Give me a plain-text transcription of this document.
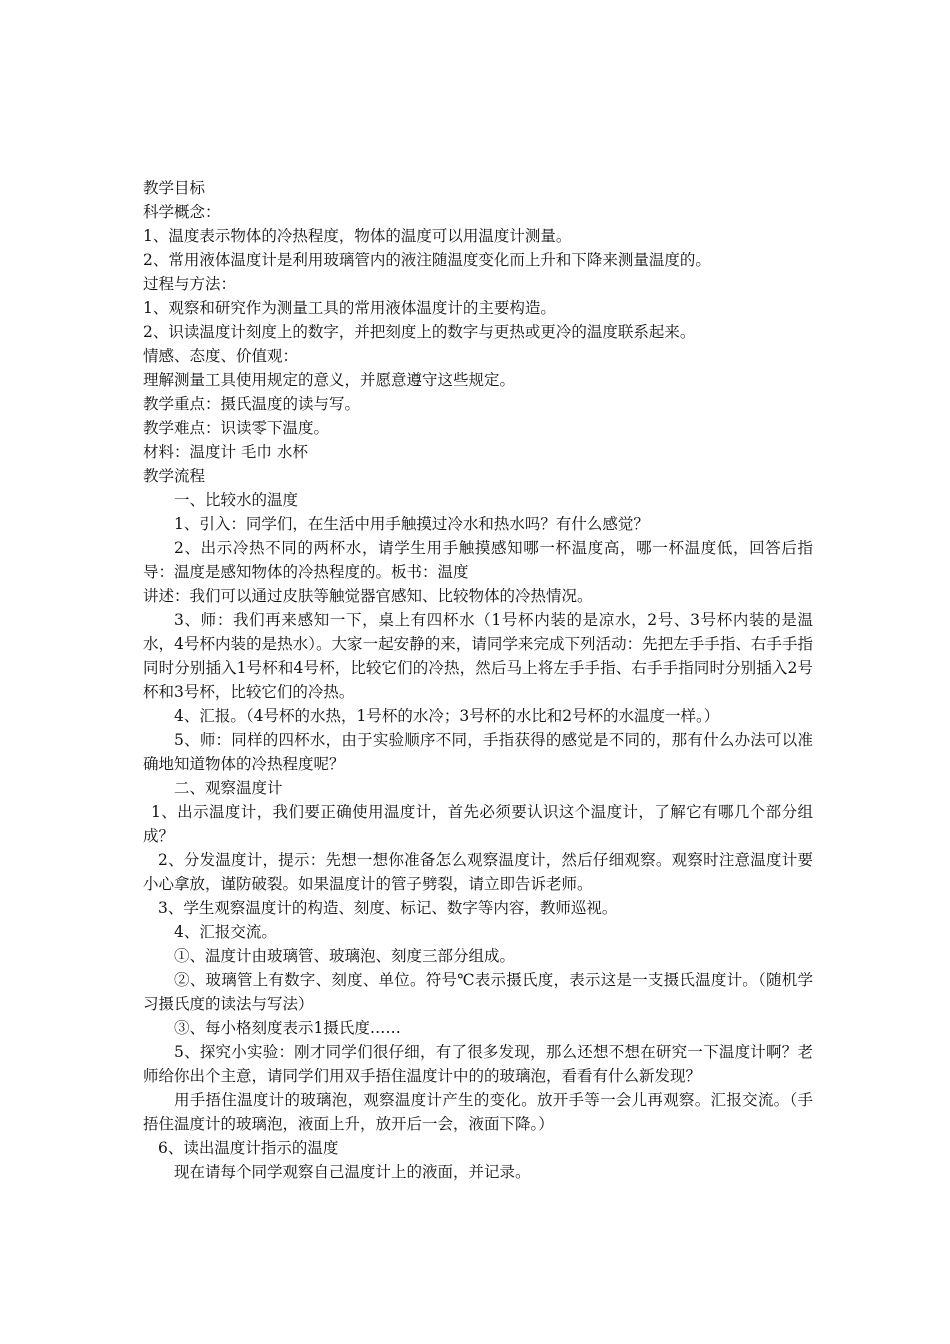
教学目标

科学概念：

1、温度表示物体的冷热程度，物体的温度可以用温度计测量。

2、常用液体温度计是利用玻璃管内的液注随温度变化而上升和下降来测量温度的。

过程与方法：

1、观察和研究作为测量工具的常用液体温度计的主要构造。

2、识读温度计刻度上的数字，并把刻度上的数字与更热或更冷的温度联系起来。

情感、态度、价值观：

理解测量工具使用规定的意义，并愿意遵守这些规定。

教学重点：摄氏温度的读与写。

教学难点：识读零下温度。

材料：温度计 毛巾 水杯

教学流程

一、比较水的温度

1、引入：同学们，在生活中用手触摸过冷水和热水吗？有什么感觉？

2、出示冷热不同的两杯水，请学生用手触摸感知哪一杯温度高，哪一杯温度低，回答后指导：温度是感知物体的冷热程度的。板书：温度

讲述：我们可以通过皮肤等触觉器官感知、比较物体的冷热情况。

3、师：我们再来感知一下，桌上有四杯水（1号杯内装的是凉水，2号、3号杯内装的是温水，4号杯内装的是热水）。大家一起安静的来，请同学来完成下列活动：先把左手手指、右手手指同时分别插入1号杯和4号杯，比较它们的冷热，然后马上将左手手指、右手手指同时分别插入2号杯和3号杯，比较它们的冷热。

4、汇报。（4号杯的水热，1号杯的水冷；3号杯的水比和2号杯的水温度一样。）

5、师：同样的四杯水，由于实验顺序不同，手指获得的感觉是不同的，那有什么办法可以准确地知道物体的冷热程度呢？

二、观察温度计

1、出示温度计，我们要正确使用温度计，首先必须要认识这个温度计，了解它有哪几个部分组成？

2、分发温度计，提示：先想一想你准备怎么观察温度计，然后仔细观察。观察时注意温度计要小心拿放，谨防破裂。如果温度计的管子劈裂，请立即告诉老师。

3、学生观察温度计的构造、刻度、标记、数字等内容，教师巡视。

4、汇报交流。

①、温度计由玻璃管、玻璃泡、刻度三部分组成。

②、玻璃管上有数字、刻度、单位。符号℃表示摄氏度，表示这是一支摄氏温度计。（随机学习摄氏度的读法与写法）

③、每小格刻度表示1摄氏度……

5、探究小实验：刚才同学们很仔细，有了很多发现，那么还想不想在研究一下温度计啊？老师给你出个主意，请同学们用双手捂住温度计中的的玻璃泡，看看有什么新发现？

用手捂住温度计的玻璃泡，观察温度计产生的变化。放开手等一会儿再观察。汇报交流。（手捂住温度计的玻璃泡，液面上升，放开后一会，液面下降。）

6、读出温度计指示的温度

现在请每个同学观察自己温度计上的液面，并记录。
